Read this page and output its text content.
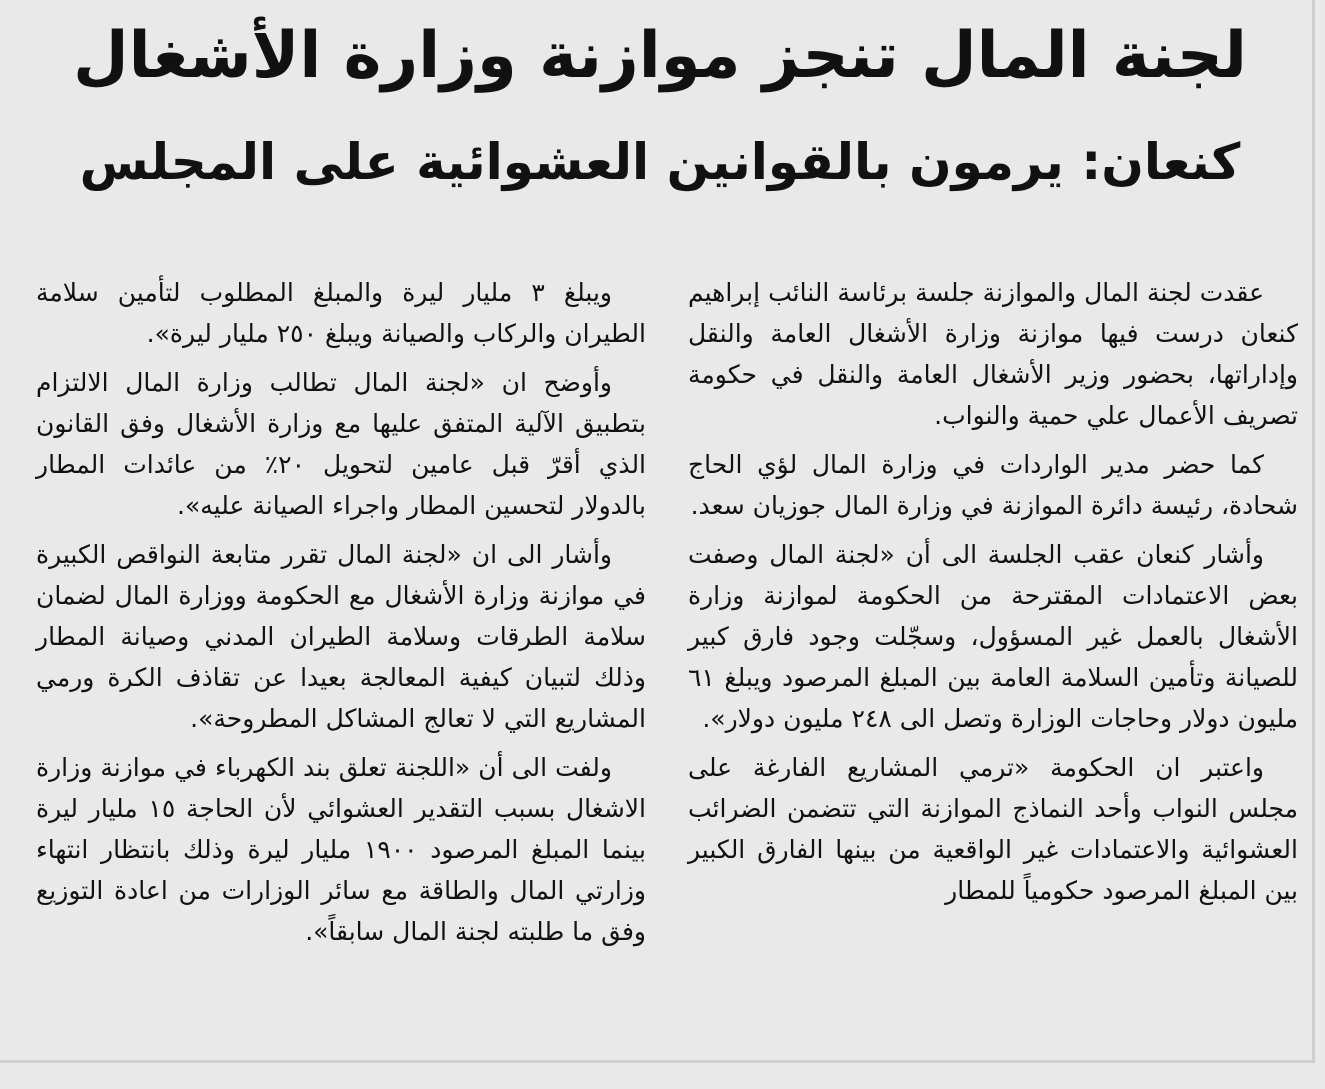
لجنة المال تنجز موازنة وزارة الأشغال
كنعان: يرمون بالقوانين العشوائية على المجلس

عقدت لجنة المال والموازنة جلسة برئاسة النائب إبراهيم كنعان درست فيها موازنة وزارة الأشغال العامة والنقل وإداراتها، بحضور وزير الأشغال العامة والنقل في حكومة تصريف الأعمال علي حمية والنواب.

كما حضر مدير الواردات في وزارة المال لؤي الحاج شحادة، رئيسة دائرة الموازنة في وزارة المال جوزيان سعد.

وأشار كنعان عقب الجلسة الى أن «لجنة المال وصفت بعض الاعتمادات المقترحة من الحكومة لموازنة وزارة الأشغال بالعمل غير المسؤول، وسجّلت وجود فارق كبير للصيانة وتأمين السلامة العامة بين المبلغ المرصود ويبلغ ٦١ مليون دولار وحاجات الوزارة وتصل الى ٢٤٨ مليون دولار».

واعتبر ان الحكومة «ترمي المشاريع الفارغة على مجلس النواب وأحد النماذج الموازنة التي تتضمن الضرائب العشوائية والاعتمادات غير الواقعية من بينها الفارق الكبير بين المبلغ المرصود حكومياً للمطار

ويبلغ ٣ مليار ليرة والمبلغ المطلوب لتأمين سلامة الطيران والركاب والصيانة ويبلغ ٢٥٠ مليار ليرة».

وأوضح ان «لجنة المال تطالب وزارة المال الالتزام بتطبيق الآلية المتفق عليها مع وزارة الأشغال وفق القانون الذي أقرّ قبل عامين لتحويل ٢٠٪ من عائدات المطار بالدولار لتحسين المطار واجراء الصيانة عليه».

وأشار الى ان «لجنة المال تقرر متابعة النواقص الكبيرة في موازنة وزارة الأشغال مع الحكومة ووزارة المال لضمان سلامة الطرقات وسلامة الطيران المدني وصيانة المطار وذلك لتبيان كيفية المعالجة بعيدا عن تقاذف الكرة ورمي المشاريع التي لا تعالج المشاكل المطروحة».

ولفت الى أن «اللجنة تعلق بند الكهرباء في موازنة وزارة الاشغال بسبب التقدير العشوائي لأن الحاجة ١٥ مليار ليرة بينما المبلغ المرصود ١٩٠٠ مليار ليرة وذلك بانتظار انتهاء وزارتي المال والطاقة مع سائر الوزارات من اعادة التوزيع وفق ما طلبته لجنة المال سابقاً».
